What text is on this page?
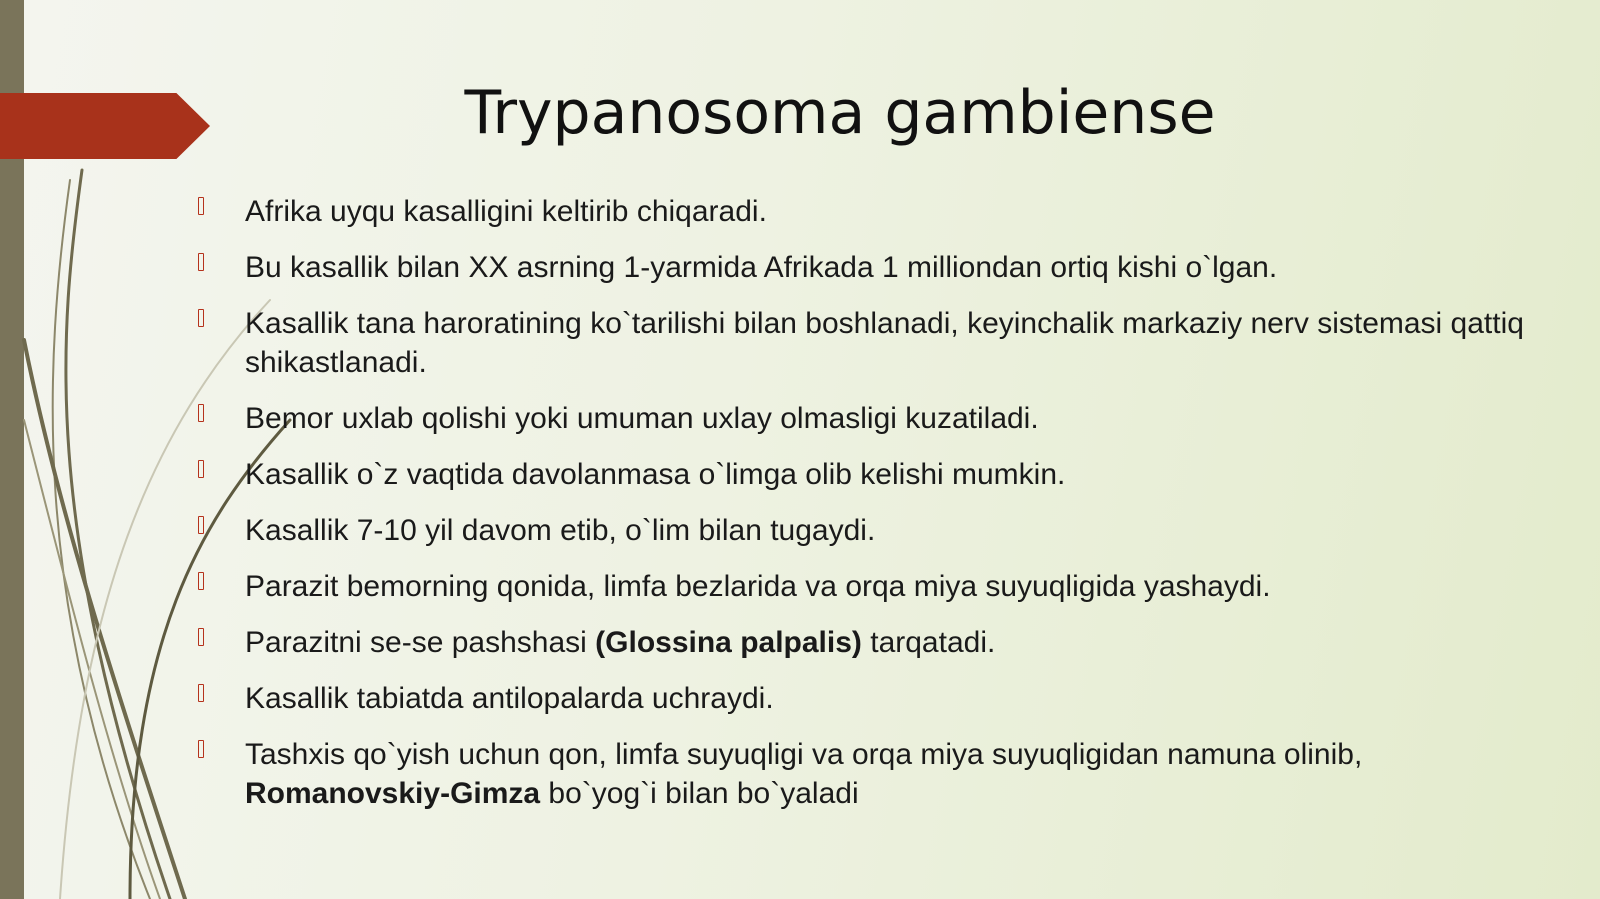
Trypanosoma gambiense
Afrika uyqu kasalligini keltirib chiqaradi.
Bu kasallik bilan XX asrning 1-yarmida Afrikada 1 milliondan ortiq kishi o`lgan.
Kasallik tana haroratining ko`tarilishi bilan boshlanadi, keyinchalik markaziy nerv sistemasi qattiq shikastlanadi.
Bemor uxlab qolishi yoki umuman uxlay olmasligi kuzatiladi.
Kasallik o`z vaqtida davolanmasa o`limga olib kelishi mumkin.
Kasallik 7-10 yil davom etib, o`lim bilan tugaydi.
Parazit bemorning qonida, limfa bezlarida va orqa miya suyuqligida yashaydi.
Parazitni se-se pashshasi (Glossina palpalis) tarqatadi.
Kasallik tabiatda antilopalarda uchraydi.
Tashxis qo`yish uchun qon, limfa suyuqligi va orqa miya suyuqligidan namuna olinib, Romanovskiy-Gimza bo`yog`i bilan bo`yaladi
